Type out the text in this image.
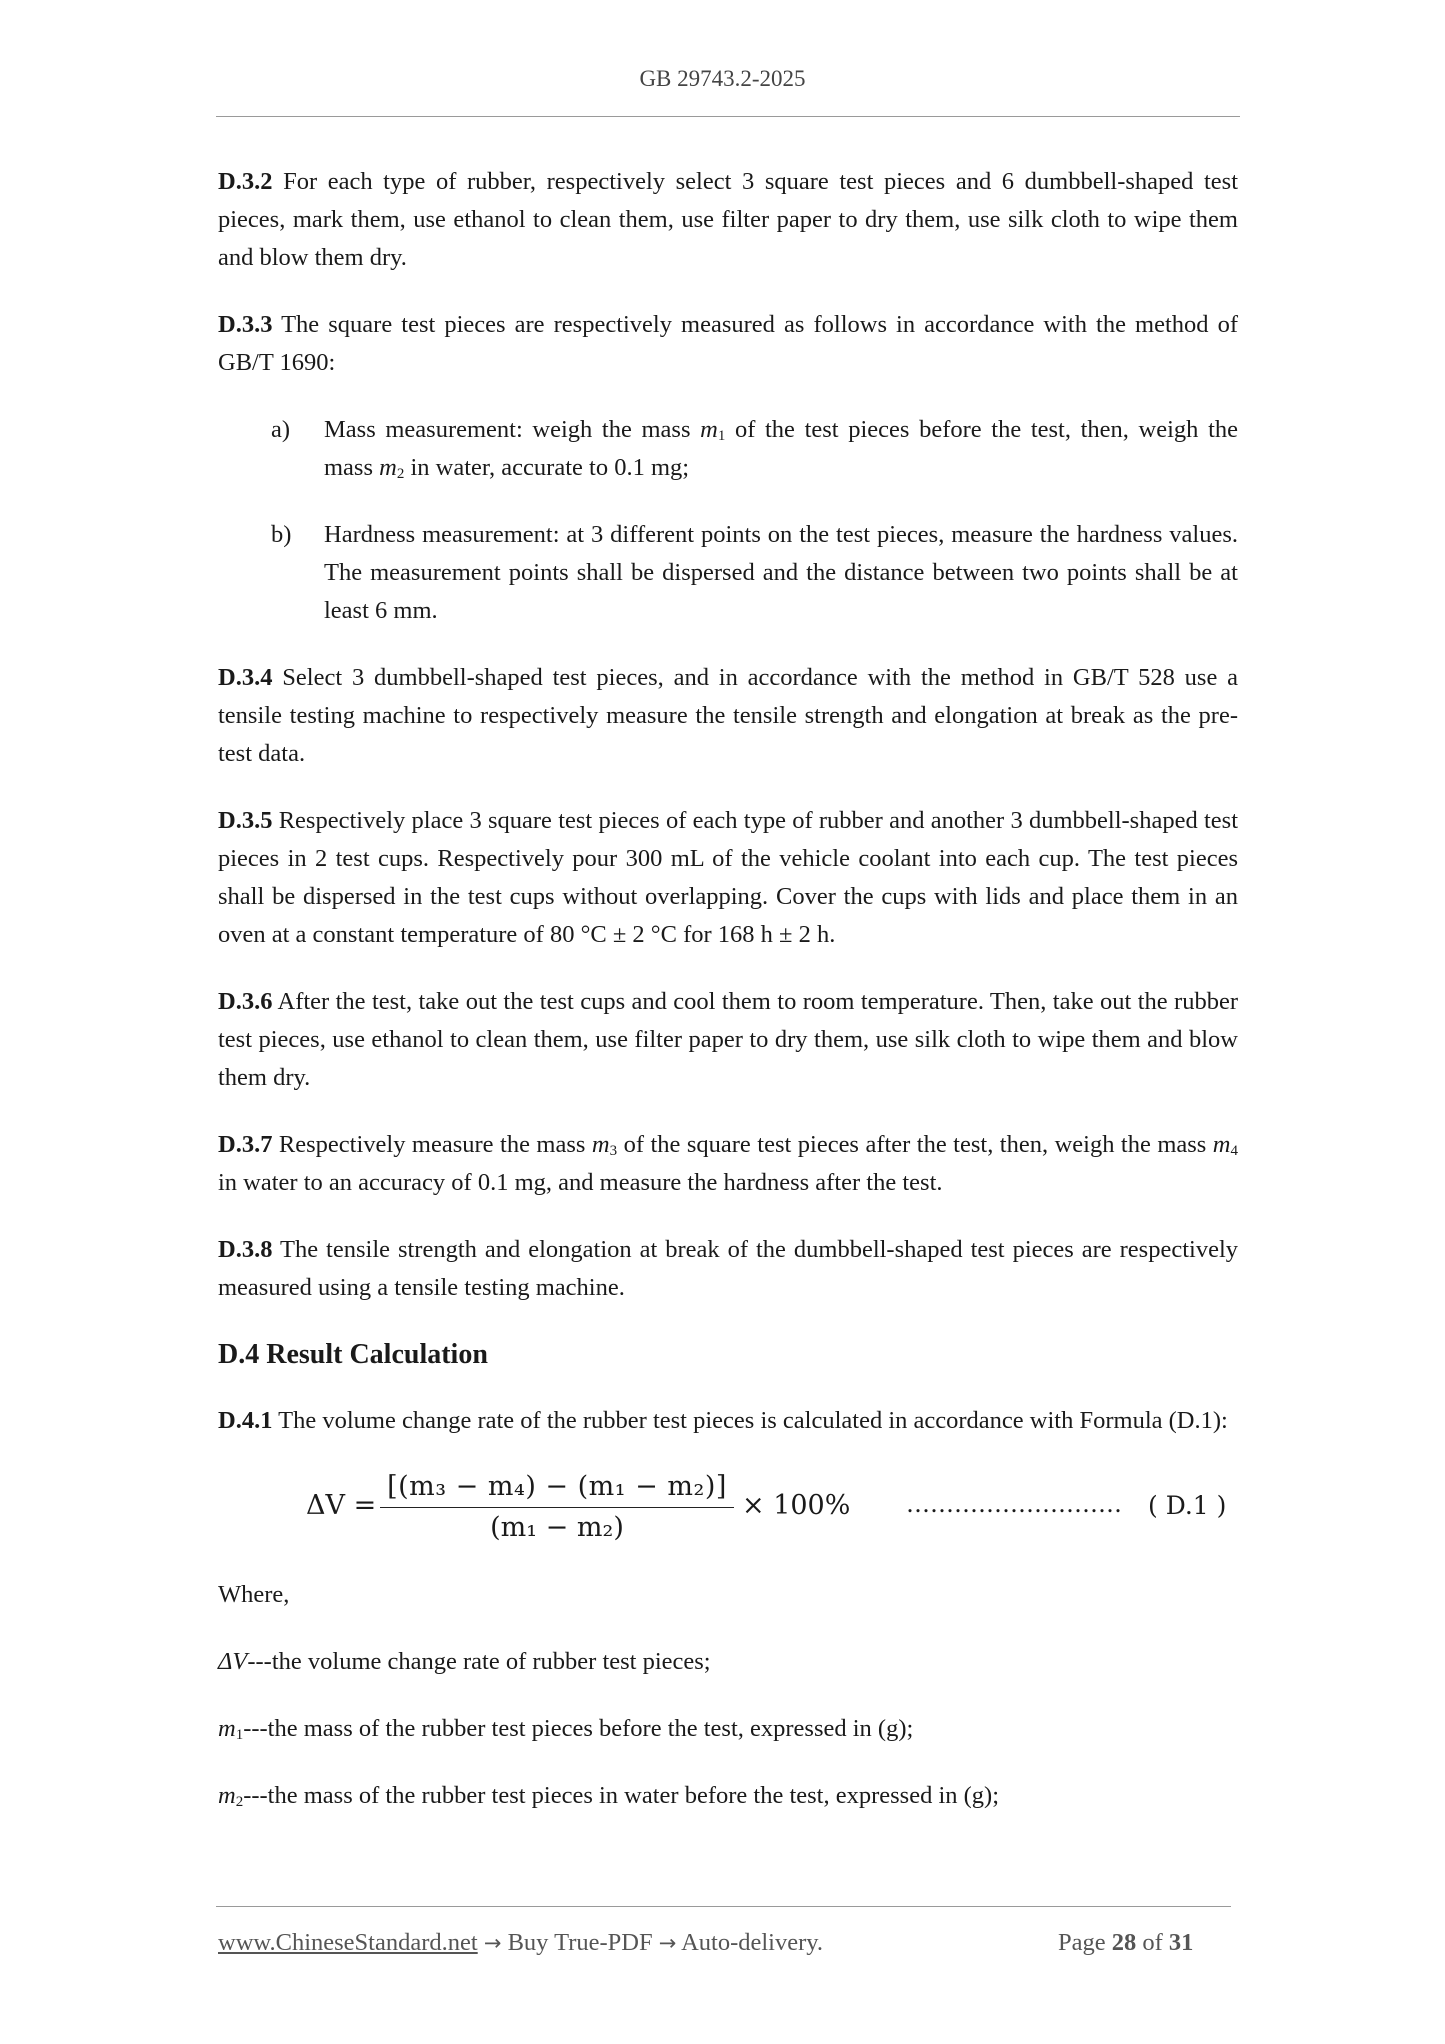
GB 29743.2-2025

D.3.2 For each type of rubber, respectively select 3 square test pieces and 6 dumbbell-shaped test pieces, mark them, use ethanol to clean them, use filter paper to dry them, use silk cloth to wipe them and blow them dry.

D.3.3 The square test pieces are respectively measured as follows in accordance with the method of GB/T 1690:

a) Mass measurement: weigh the mass $m_1$ of the test pieces before the test, then, weigh the mass $m_2$ in water, accurate to 0.1 mg;
b) Hardness measurement: at 3 different points on the test pieces, measure the hardness values. The measurement points shall be dispersed and the distance between two points shall be at least 6 mm.

D.3.4 Select 3 dumbbell-shaped test pieces, and in accordance with the method in GB/T 528 use a tensile testing machine to respectively measure the tensile strength and elongation at break as the pre-test data.

D.3.5 Respectively place 3 square test pieces of each type of rubber and another 3 dumbbell-shaped test pieces in 2 test cups. Respectively pour 300 mL of the vehicle coolant into each cup. The test pieces shall be dispersed in the test cups without overlapping. Cover the cups with lids and place them in an oven at a constant temperature of 80 °C ± 2 °C for 168 h ± 2 h.

D.3.6 After the test, take out the test cups and cool them to room temperature. Then, take out the rubber test pieces, use ethanol to clean them, use filter paper to dry them, use silk cloth to wipe them and blow them dry.

D.3.7 Respectively measure the mass $m_3$ of the square test pieces after the test, then, weigh the mass $m_4$ in water to an accuracy of 0.1 mg, and measure the hardness after the test.

D.3.8 The tensile strength and elongation at break of the dumbbell-shaped test pieces are respectively measured using a tensile testing machine.

D.4 Result Calculation

D.4.1 The volume change rate of the rubber test pieces is calculated in accordance with Formula (D.1):

ΔV =
[(m₃ − m₄) − (m₁ − m₂)]
(m₁ − m₂)
× 100% ……………………… ( D.1 )

Where,

ΔV---the volume change rate of rubber test pieces;

$m_1--$-the mass of the rubber test pieces before the test, expressed in (g);

$m_2--$-the mass of the rubber test pieces in water before the test, expressed in (g);

www.ChineseStandard.net → Buy True-PDF → Auto-delivery.	Page 28 of 31
